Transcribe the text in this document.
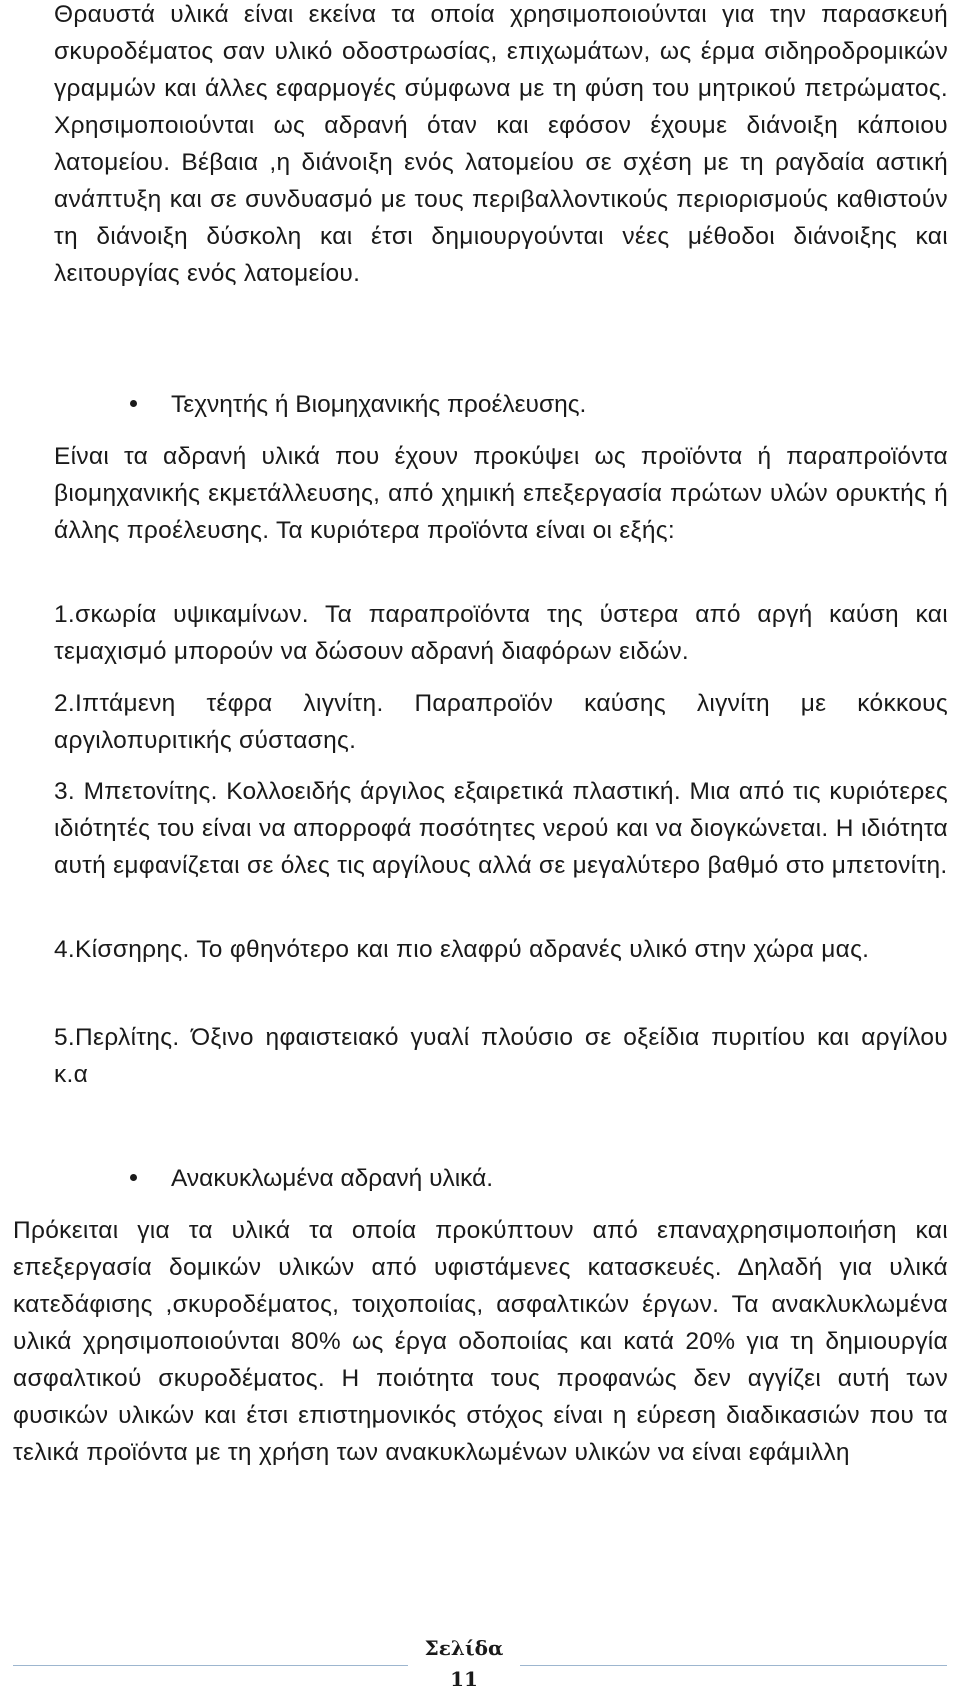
Θραυστά υλικά είναι εκείνα τα οποία χρησιμοποιούνται για την παρασκευή σκυροδέματος σαν υλικό οδοστρωσίας, επιχωμάτων, ως έρμα σιδηροδρομικών γραμμών και άλλες εφαρμογές σύμφωνα με τη φύση του μητρικού πετρώματος. Χρησιμοποιούνται ως αδρανή όταν και εφόσον έχουμε διάνοιξη κάποιου λατομείου. Βέβαια ,η διάνοιξη ενός λατομείου σε σχέση με τη ραγδαία αστική ανάπτυξη και σε συνδυασμό με τους περιβαλλοντικούς περιορισμούς καθιστούν τη διάνοιξη δύσκολη και έτσι δημιουργούνται νέες μέθοδοι διάνοιξης και λειτουργίας ενός λατομείου.

Τεχνητής ή Βιομηχανικής προέλευσης.

Είναι τα αδρανή υλικά που έχουν προκύψει ως προϊόντα ή παραπροϊόντα βιομηχανικής εκμετάλλευσης, από χημική επεξεργασία πρώτων υλών ορυκτής ή άλλης προέλευσης. Τα κυριότερα προϊόντα είναι οι εξής:

1.σκωρία υψικαμίνων. Τα παραπροϊόντα της ύστερα από αργή καύση και τεμαχισμό μπορούν να δώσουν αδρανή διαφόρων ειδών.

2.Ιπτάμενη τέφρα λιγνίτη. Παραπροϊόν καύσης λιγνίτη με κόκκους αργιλοπυριτικής σύστασης.

3. Μπετονίτης. Κολλοειδής άργιλος εξαιρετικά πλαστική. Μια από τις κυριότερες ιδιότητές του είναι να απορροφά ποσότητες νερού και να διογκώνεται. Η ιδιότητα αυτή εμφανίζεται σε όλες τις αργίλους αλλά σε μεγαλύτερο βαθμό στο μπετονίτη.

4.Κίσσηρης. Το φθηνότερο και πιο ελαφρύ αδρανές υλικό στην χώρα μας.

5.Περλίτης. Όξινο ηφαιστειακό γυαλί πλούσιο σε οξείδια πυριτίου και αργίλου κ.α

Ανακυκλωμένα αδρανή υλικά.

Πρόκειται για τα υλικά τα οποία προκύπτουν από επαναχρησιμοποιήση και επεξεργασία δομικών υλικών από υφιστάμενες κατασκευές. Δηλαδή για υλικά κατεδάφισης ,σκυροδέματος, τοιχοποιίας, ασφαλτικών έργων. Τα ανακλυκλωμένα υλικά χρησιμοποιούνται 80% ως έργα οδοποιίας και κατά 20% για τη δημιουργία ασφαλτικού σκυροδέματος. Η ποιότητα τους προφανώς δεν αγγίζει αυτή των φυσικών υλικών και έτσι επιστημονικός στόχος είναι η εύρεση διαδικασιών που τα τελικά προϊόντα με τη χρήση των ανακυκλωμένων υλικών να είναι εφάμιλλη

Σελίδα
11
